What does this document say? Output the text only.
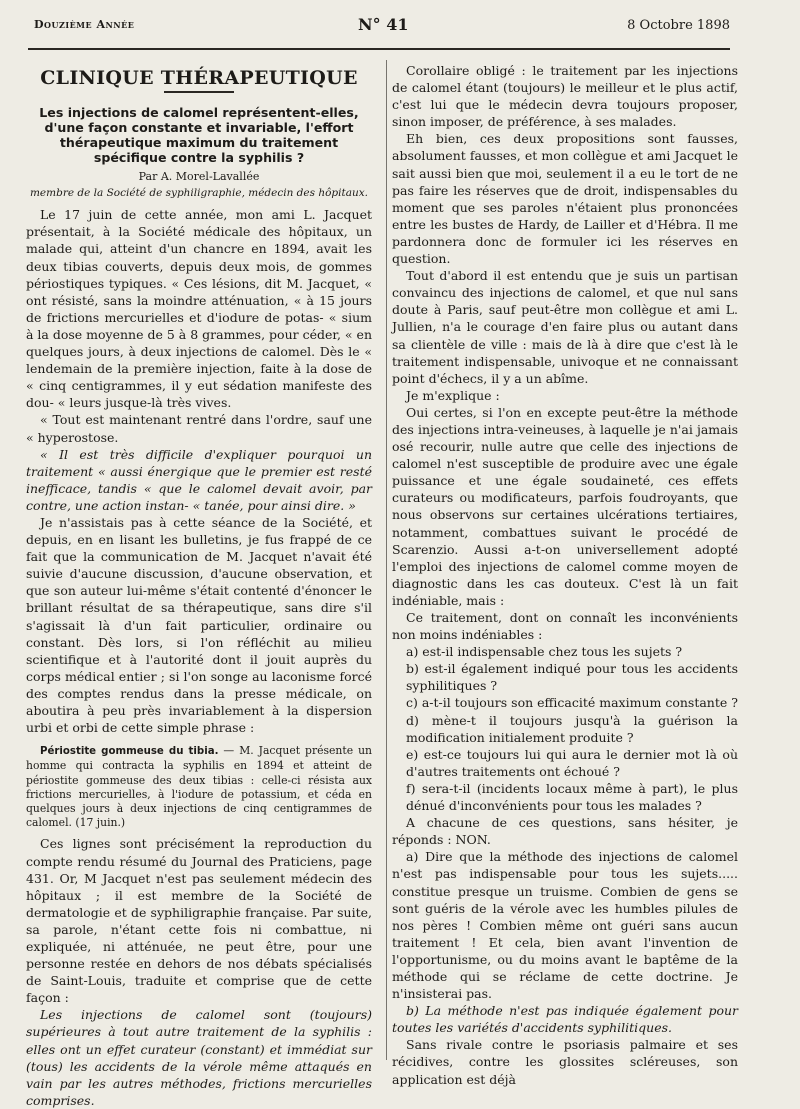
Douzième Année	N° 41	8 Octobre 1898
CLINIQUE THÉRAPEUTIQUE
Les injections de calomel représentent-elles, d'une façon constante et invariable, l'effort thérapeutique maximum du traitement spécifique contre la syphilis ?
Par A. Morel-Lavallée
membre de la Société de syphiligraphie, médecin des hôpitaux.

Le 17 juin de cette année, mon ami L. Jacquet présentait, à la Société médicale des hôpitaux, un malade qui, atteint d'un chancre en 1894, avait les deux tibias couverts, depuis deux mois, de gommes périostiques typiques. « Ces lésions, dit M. Jacquet, « ont résisté, sans la moindre atténuation, « à 15 jours de frictions mercurielles et d'iodure de potas- « sium à la dose moyenne de 5 à 8 grammes, pour céder, « en quelques jours, à deux injections de calomel. Dès le « lendemain de la première injection, faite à la dose de « cinq centigrammes, il y eut sédation manifeste des dou- « leurs jusque-là très vives.

« Tout est maintenant rentré dans l'ordre, sauf une « hyperostose.

« Il est très difficile d'expliquer pourquoi un traitement « aussi énergique que le premier est resté inefficace, tandis « que le calomel devait avoir, par contre, une action instan- « tanée, pour ainsi dire. »

Je n'assistais pas à cette séance de la Société, et depuis, en en lisant les bulletins, je fus frappé de ce fait que la communication de M. Jacquet n'avait été suivie d'aucune discussion, d'aucune observation, et que son auteur lui-même s'était contenté d'énoncer le brillant résultat de sa thérapeutique, sans dire s'il s'agissait là d'un fait particulier, ordinaire ou constant. Dès lors, si l'on réfléchit au milieu scientifique et à l'autorité dont il jouit auprès du corps médical entier ; si l'on songe au laconisme forcé des comptes rendus dans la presse médicale, on aboutira à peu près invariablement à la dispersion urbi et orbi de cette simple phrase :

Périostite gommeuse du tibia. — M. Jacquet présente un homme qui contracta la syphilis en 1894 et atteint de périostite gommeuse des deux tibias : celle-ci résista aux frictions mercurielles, à l'iodure de potassium, et céda en quelques jours à deux injections de cinq centigrammes de calomel. (17 juin.)

Ces lignes sont précisément la reproduction du compte rendu résumé du Journal des Praticiens, page 431. Or, M Jacquet n'est pas seulement médecin des hôpitaux ; il est membre de la Société de dermatologie et de syphiligraphie française. Par suite, sa parole, n'étant cette fois ni combattue, ni expliquée, ni atténuée, ne peut être, pour une personne restée en dehors de nos débats spécialisés de Saint-Louis, traduite et comprise que de cette façon :

Les injections de calomel sont (toujours) supérieures à tout autre traitement de la syphilis : elles ont un effet curateur (constant) et immédiat sur (tous) les accidents de la vérole même attaqués en vain par les autres méthodes, frictions mercurielles comprises.

Corollaire obligé : le traitement par les injections de calomel étant (toujours) le meilleur et le plus actif, c'est lui que le médecin devra toujours proposer, sinon imposer, de préférence, à ses malades.

Eh bien, ces deux propositions sont fausses, absolument fausses, et mon collègue et ami Jacquet le sait aussi bien que moi, seulement il a eu le tort de ne pas faire les réserves que de droit, indispensables du moment que ses paroles n'étaient plus prononcées entre les bustes de Hardy, de Lailler et d'Hébra. Il me pardonnera donc de formuler ici les réserves en question.

Tout d'abord il est entendu que je suis un partisan convaincu des injections de calomel, et que nul sans doute à Paris, sauf peut-être mon collègue et ami L. Jullien, n'a le courage d'en faire plus ou autant dans sa clientèle de ville : mais de là à dire que c'est là le traitement indispensable, univoque et ne connaissant point d'échecs, il y a un abîme.

Je m'explique :

Oui certes, si l'on en excepte peut-être la méthode des injections intra-veineuses, à laquelle je n'ai jamais osé recourir, nulle autre que celle des injections de calomel n'est susceptible de produire avec une égale puissance et une égale soudaineté, ces effets curateurs ou modificateurs, parfois foudroyants, que nous observons sur certaines ulcérations tertiaires, notamment, combattues suivant le procédé de Scarenzio. Aussi a-t-on universellement adopté l'emploi des injections de calomel comme moyen de diagnostic dans les cas douteux. C'est là un fait indéniable, mais :

Ce traitement, dont on connaît les inconvénients non moins indéniables :

a) est-il indispensable chez tous les sujets ?

b) est-il également indiqué pour tous les accidents syphilitiques ?

c) a-t-il toujours son efficacité maximum constante ?

d) mène-t il toujours jusqu'à la guérison la modification initialement produite ?

e) est-ce toujours lui qui aura le dernier mot là où d'autres traitements ont échoué ?

f) sera-t-il (incidents locaux même à part), le plus dénué d'inconvénients pour tous les malades ?

A chacune de ces questions, sans hésiter, je réponds : NON.

a) Dire que la méthode des injections de calomel n'est pas indispensable pour tous les sujets..... constitue presque un truisme. Combien de gens se sont guéris de la vérole avec les humbles pilules de nos pères ! Combien même ont guéri sans aucun traitement ! Et cela, bien avant l'invention de l'opportunisme, ou du moins avant le baptême de la méthode qui se réclame de cette doctrine. Je n'insisterai pas.

b) La méthode n'est pas indiquée également pour toutes les variétés d'accidents syphilitiques.

Sans rivale contre le psoriasis palmaire et ses récidives, contre les glossites scléreuses, son application est déjà
